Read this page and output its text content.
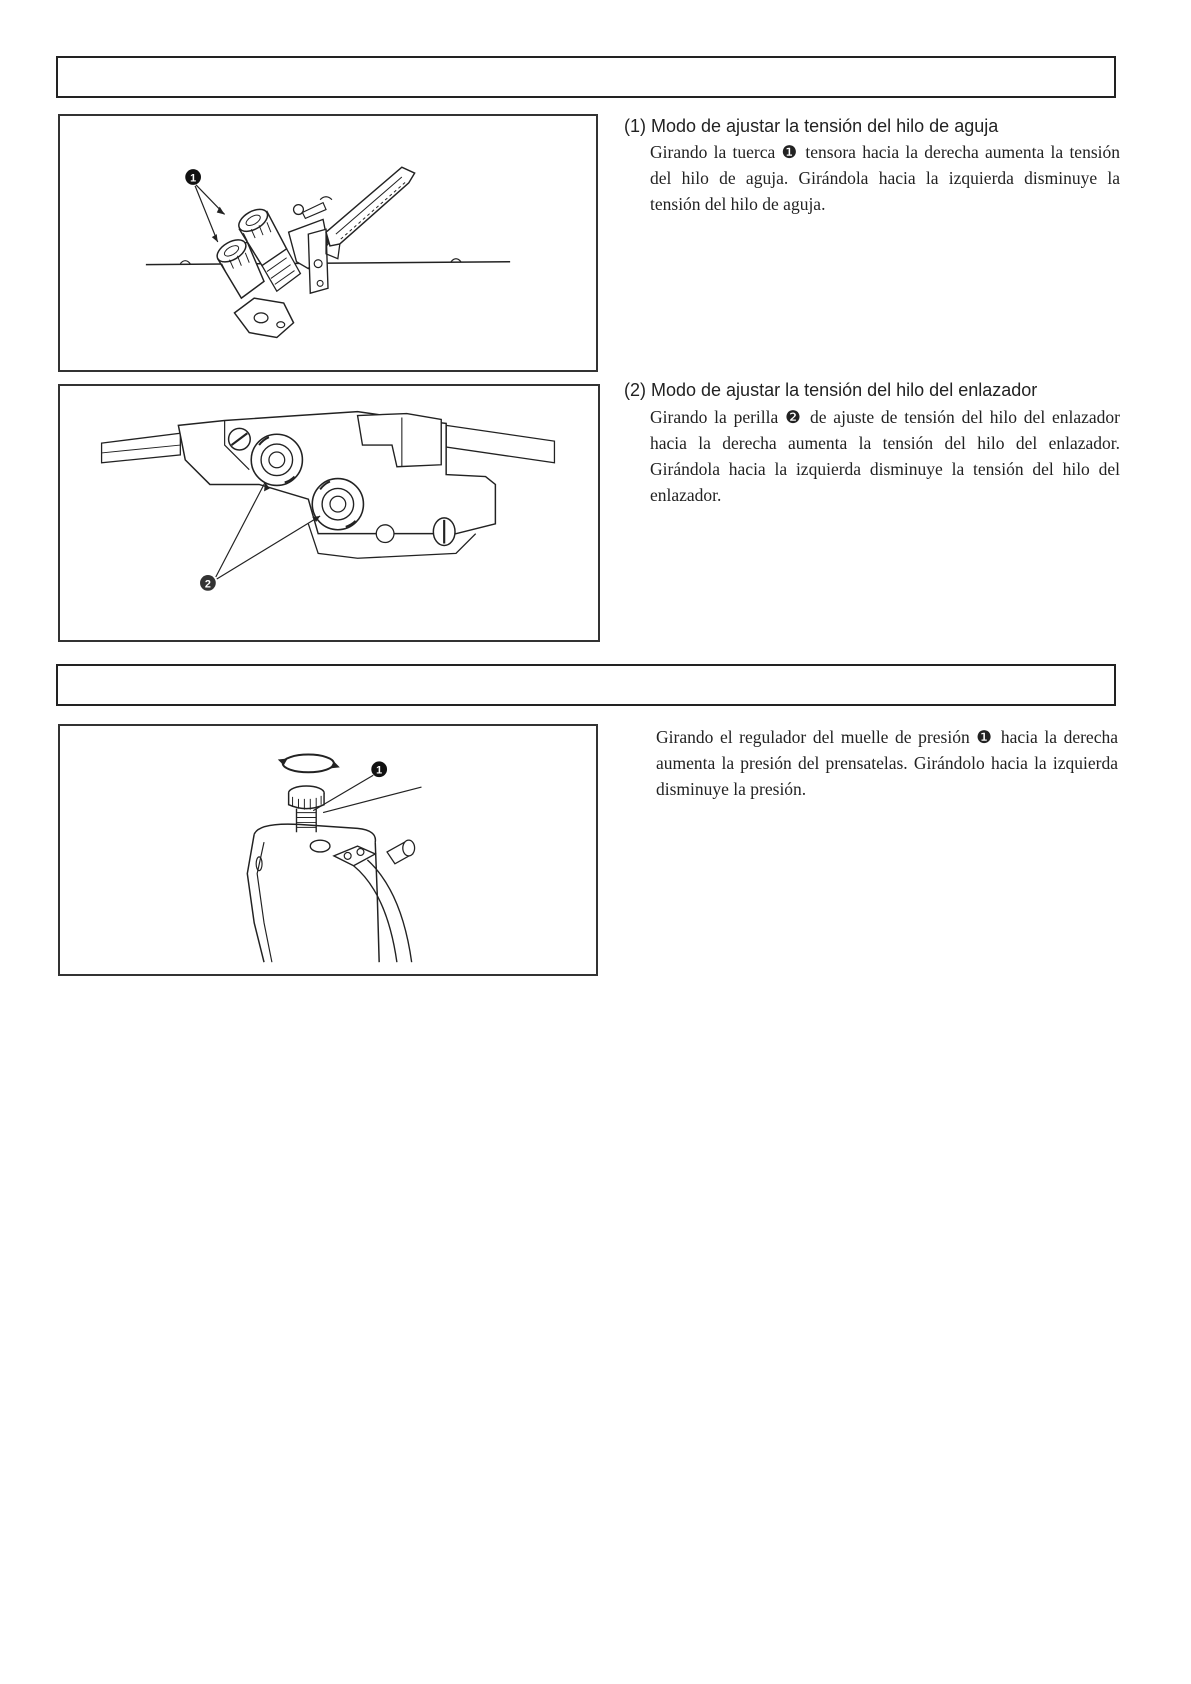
1
(1) Modo de ajustar la tensión del hilo de aguja

Girando la tuerca ❶ tensora hacia la derecha aumenta la tensión del hilo de aguja. Girándola hacia la izquierda disminuye la tensión del hilo de aguja.

2
(2) Modo de ajustar la tensión del hilo del enlazador

Girando la perilla ❷ de ajuste de tensión del hilo del enlazador hacia la derecha aumenta la tensión del hilo del enlazador. Girándola hacia la izquierda disminuye la tensión del hilo del enlazador.

1

Girando el regulador del muelle de presión ❶ hacia la derecha aumenta la presión del prensatelas. Girándolo hacia la izquierda disminuye la presión.
